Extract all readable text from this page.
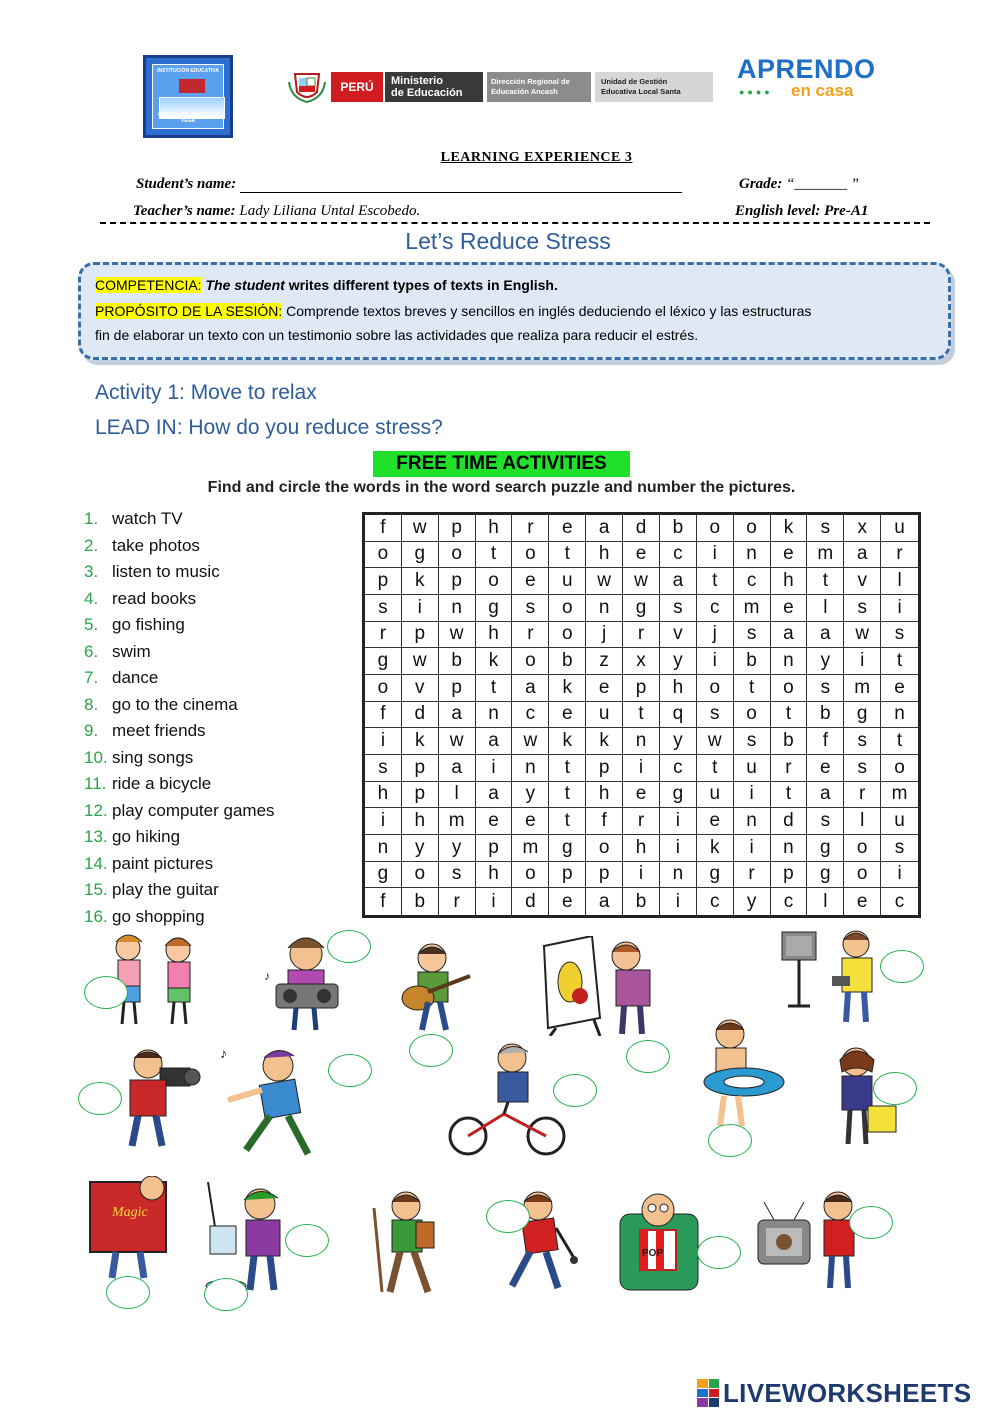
INSTITUCIÓN EDUCATIVA
INCA GARCILASO DE LA VEGA
PERÚ	Ministerio
de Educación
Dirección Regional de
Educación Ancash
Unidad de Gestión
Educativa Local Santa
APRENDO
●●●● en casa
LEARNING EXPERIENCE 3
Student’s name:	Grade: “_______ ”
Teacher’s name: Lady Liliana Untal Escobedo.	English level: Pre-A1
Let’s Reduce Stress
COMPETENCIA: The student writes different types of texts in English.
PROPÓSITO DE LA SESIÓN: Comprende textos breves y sencillos en inglés deduciendo el léxico y las estructuras
fin de elaborar un texto con un testimonio sobre las actividades que realiza para reducir el estrés.
Activity 1: Move to relax
LEAD IN: How do you reduce stress?
FREE TIME ACTIVITIES
Find and circle the words in the word search puzzle and number the pictures.
1. watch TV
2. take photos
3. listen to music
4. read books
5. go fishing
6. swim
7. dance
8. go to the cinema
9. meet friends
10. sing songs
11. ride a bicycle
12. play computer games
13. go hiking
14. paint pictures
15. play the guitar
16. go shopping
f	w	p	h	r	e	a	d	b	o	o	k	s	x	u
o	g	o	t	o	t	h	e	c	i	n	e	m	a	r
p	k	p	o	e	u	w	w	a	t	c	h	t	v	l
s	i	n	g	s	o	n	g	s	c	m	e	l	s	i
r	p	w	h	r	o	j	r	v	j	s	a	a	w	s
g	w	b	k	o	b	z	x	y	i	b	n	y	i	t
o	v	p	t	a	k	e	p	h	o	t	o	s	m	e
f	d	a	n	c	e	u	t	q	s	o	t	b	g	n
i	k	w	a	w	k	k	n	y	w	s	b	f	s	t
s	p	a	i	n	t	p	i	c	t	u	r	e	s	о
h	p	l	a	y	t	h	e	g	u	i	t	a	r	m
i	h	m	e	e	t	f	r	i	e	n	d	s	l	u
n	y	y	p	m	g	o	h	i	k	i	n	g	o	s
g	o	s	h	o	p	p	i	n	g	r	p	g	o	i
f	b	r	i	d	e	a	b	i	c	y	c	l	e	c
♪
♪
Magic
POP
LIVEWORKSHEETS
